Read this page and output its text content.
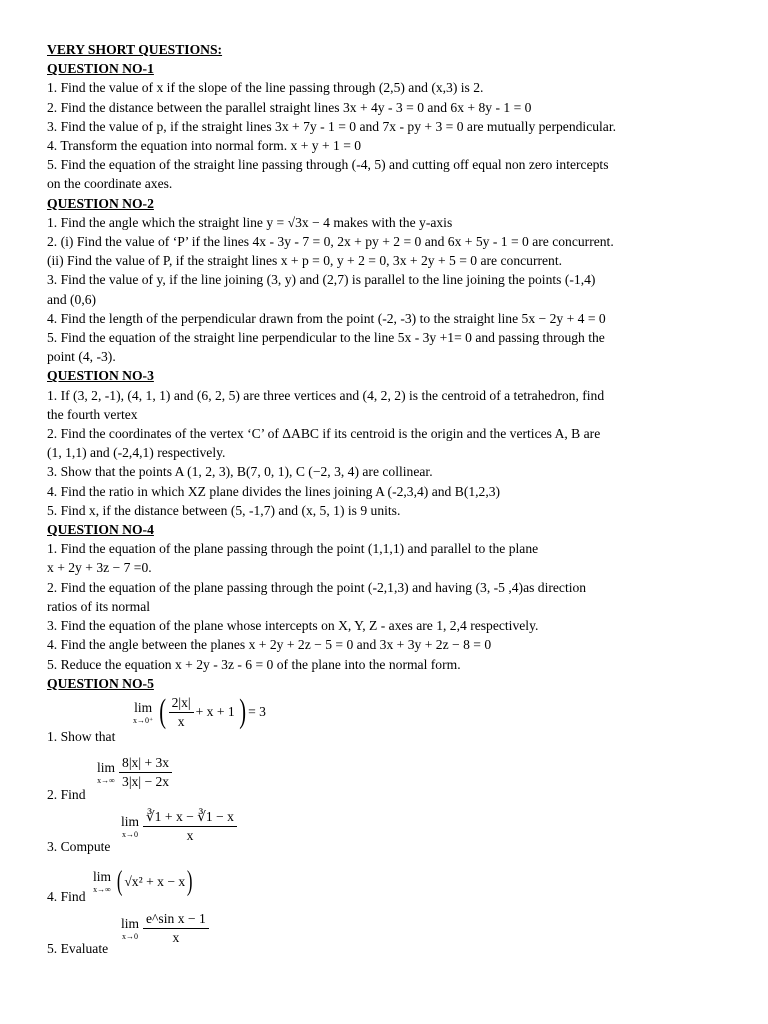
VERY SHORT QUESTIONS:
QUESTION NO-1
1. Find the value of x if the slope of the line passing through (2,5) and (x,3) is 2.
2. Find the distance between the parallel straight lines 3x + 4y - 3 = 0 and 6x + 8y - 1 = 0
3. Find the value of p, if the straight lines 3x + 7y - 1 = 0 and 7x - py + 3 = 0 are mutually perpendicular.
4. Transform the equation into normal form. x + y + 1 = 0
5. Find the equation of the straight line passing through (-4, 5) and cutting off equal non zero intercepts
on the coordinate axes.
QUESTION NO-2
1. Find the angle which the straight line y = √3x − 4 makes with the y-axis
2. (i) Find the value of ‘P’ if the lines 4x - 3y - 7 = 0, 2x + py + 2 = 0 and 6x + 5y - 1 = 0 are concurrent.
(ii) Find the value of P, if the straight lines x + p = 0, y + 2 = 0, 3x + 2y + 5 = 0 are concurrent.
3. Find the value of y, if the line joining (3, y) and (2,7) is parallel to the line joining the points (-1,4)
and (0,6)
4. Find the length of the perpendicular drawn from the point (-2, -3) to the straight line 5x − 2y + 4 = 0
5. Find the equation of the straight line perpendicular to the line 5x - 3y +1= 0 and passing through the
point (4, -3).
QUESTION NO-3
1. If (3, 2, -1), (4, 1, 1) and (6, 2, 5) are three vertices and (4, 2, 2) is the centroid of a tetrahedron, find
the fourth vertex
2. Find the coordinates of the vertex ‘C’ of ΔABC if its centroid is the origin and the vertices A, B are
(1, 1,1) and (-2,4,1) respectively.
3. Show that the points A (1, 2, 3), B(7, 0, 1), C (−2, 3, 4) are collinear.
4. Find the ratio in which XZ plane divides the lines joining A (-2,3,4) and B(1,2,3)
5. Find x, if the distance between (5, -1,7) and (x, 5, 1) is 9 units.
QUESTION NO-4
1. Find the equation of the plane passing through the point (1,1,1) and parallel to the plane
x + 2y + 3z − 7 =0.
2. Find the equation of the plane passing through the point (-2,1,3) and having (3, -5 ,4)as direction
ratios of its normal
3. Find the equation of the plane whose intercepts on X, Y, Z - axes are 1, 2,4 respectively.
4. Find the angle between the planes x + 2y + 2z − 5 = 0 and 3x + 3y + 2z − 8 = 0
5. Reduce the equation x + 2y - 3z - 6 = 0 of the plane into the normal form.
QUESTION NO-5
1. Show that
lim
x→0⁺ ( $\frac{2|x|}{x} + x + 1$ ) = 3
2. Find
lim
$x\to\infty \frac{8|x| + 3x}{3|x| - 2x}$
3. Compute
lim
$x\to 0 \frac{∛1 + x - ∛1 - x}{x}$
4. Find
lim
x→∞ ( √x² + x − x )
5. Evaluate
lim
$x\to 0 \frac{\text{e\textasciicircum{}sin x − 1}}{x}$
